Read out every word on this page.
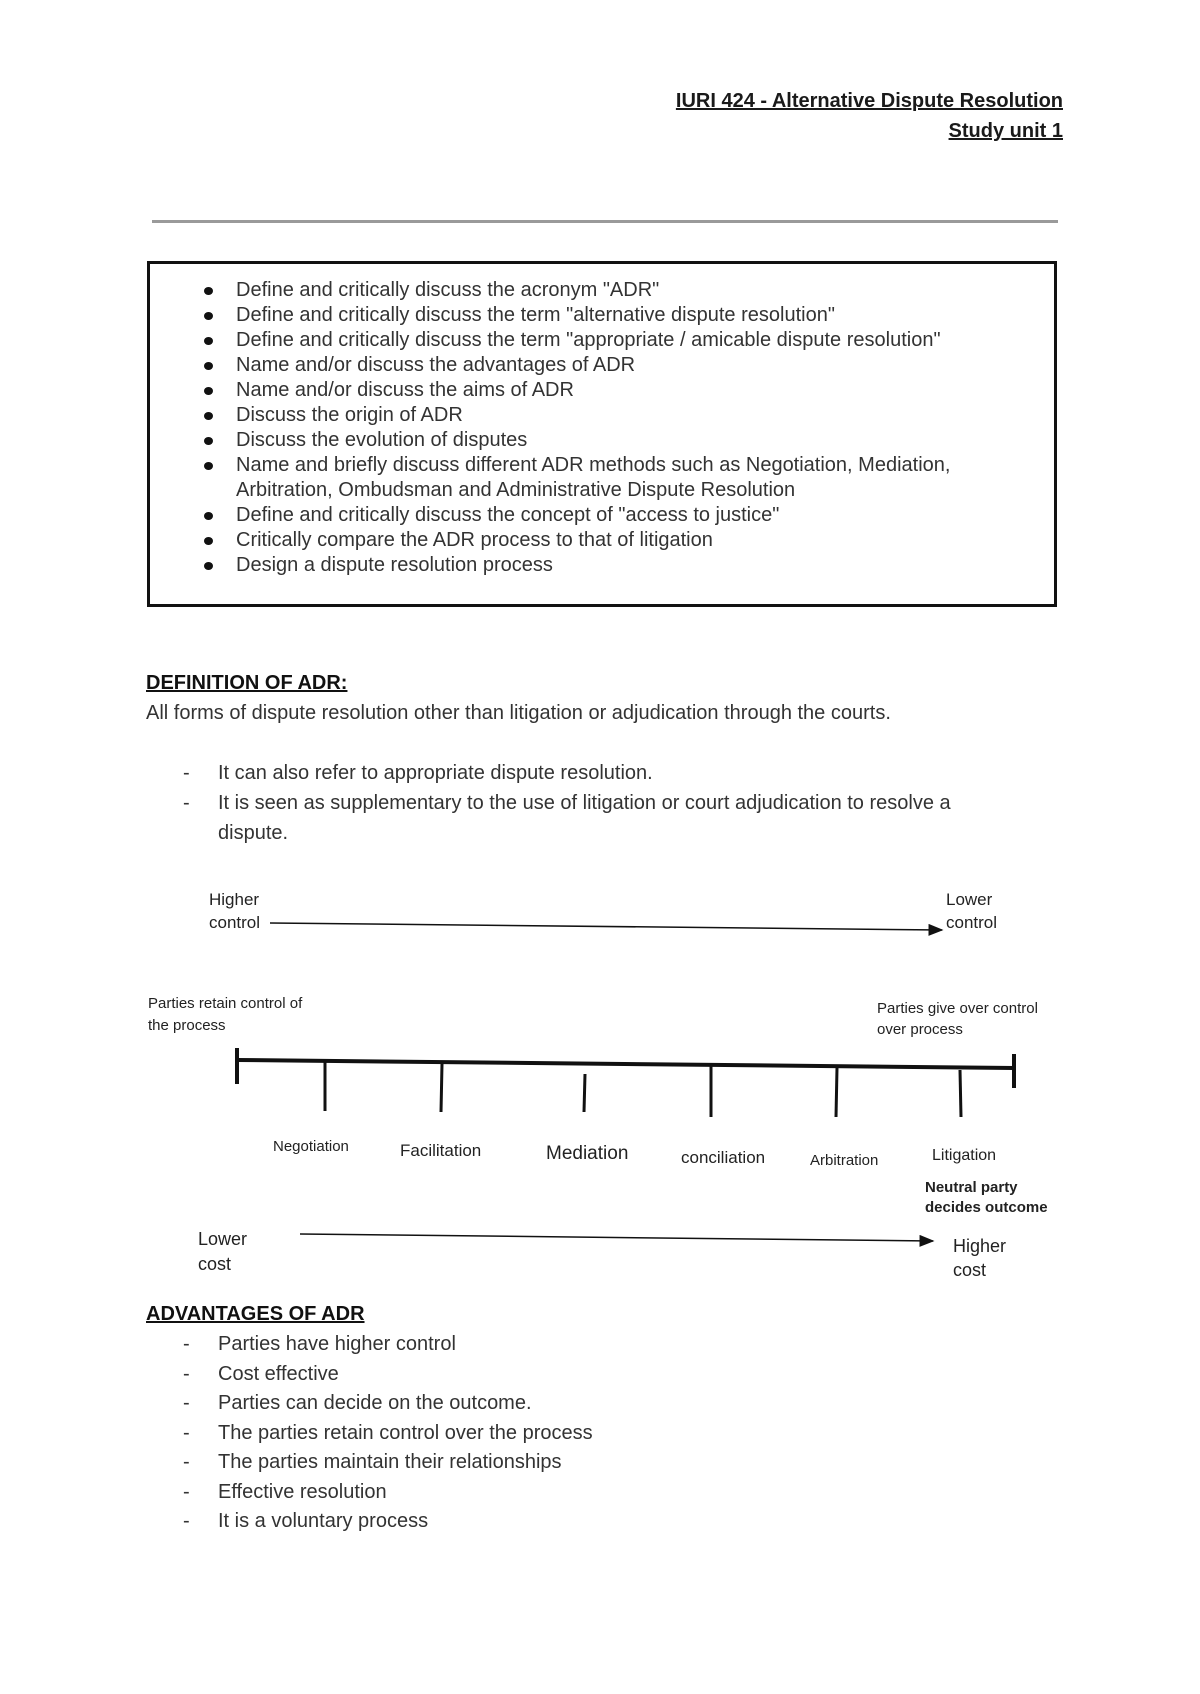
IURI 424 - Alternative Dispute Resolution
Study unit 1
Define and critically discuss the acronym "ADR"
Define and critically discuss the term "alternative dispute resolution"
Define and critically discuss the term "appropriate / amicable dispute resolution"
Name and/or discuss the advantages of ADR
Name and/or discuss the aims of ADR
Discuss the origin of ADR
Discuss the evolution of disputes
Name and briefly discuss different ADR methods such as Negotiation, Mediation,
Arbitration, Ombudsman and Administrative Dispute Resolution
Define and critically discuss the concept of "access to justice"
Critically compare the ADR process to that of litigation
Design a dispute resolution process
DEFINITION OF ADR:
All forms of dispute resolution other than litigation or adjudication through the courts.
- It can also refer to appropriate dispute resolution.
- It is seen as supplementary to the use of litigation or court adjudication to resolve a
dispute.
Higher
control
Lower
control
Parties retain control of
the process
Parties give over control
over process
Negotiation	Facilitation	Mediation	conciliation	Arbitration	Litigation
Neutral party
decides outcome
Lower
cost
Higher
cost
ADVANTAGES OF ADR
- Parties have higher control
- Cost effective
- Parties can decide on the outcome.
- The parties retain control over the process
- The parties maintain their relationships
- Effective resolution
- It is a voluntary process
